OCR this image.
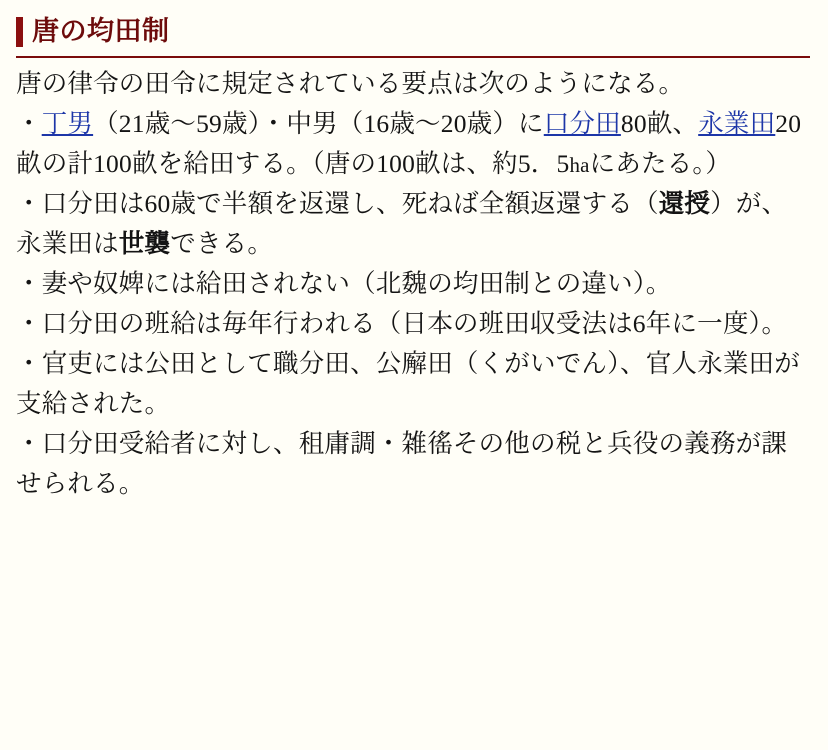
唐の均田制

唐の律令の田令に規定されている要点は次のようになる。

・丁男（21歳～59歳）・中男（16歳～20歳）に口分田80畝、永業田20畝の計100畝を給田する。（唐の100畝は、約5．5haにあたる。）

・口分田は60歳で半額を返還し、死ねば全額返還する（還授）が、永業田は世襲できる。

・妻や奴婢には給田されない（北魏の均田制との違い）。

・口分田の班給は毎年行われる（日本の班田収受法は6年に一度）。

・官吏には公田として職分田、公廨田（くがいでん）、官人永業田が支給された。

・口分田受給者に対し、租庸調・雑徭その他の税と兵役の義務が課せられる。
